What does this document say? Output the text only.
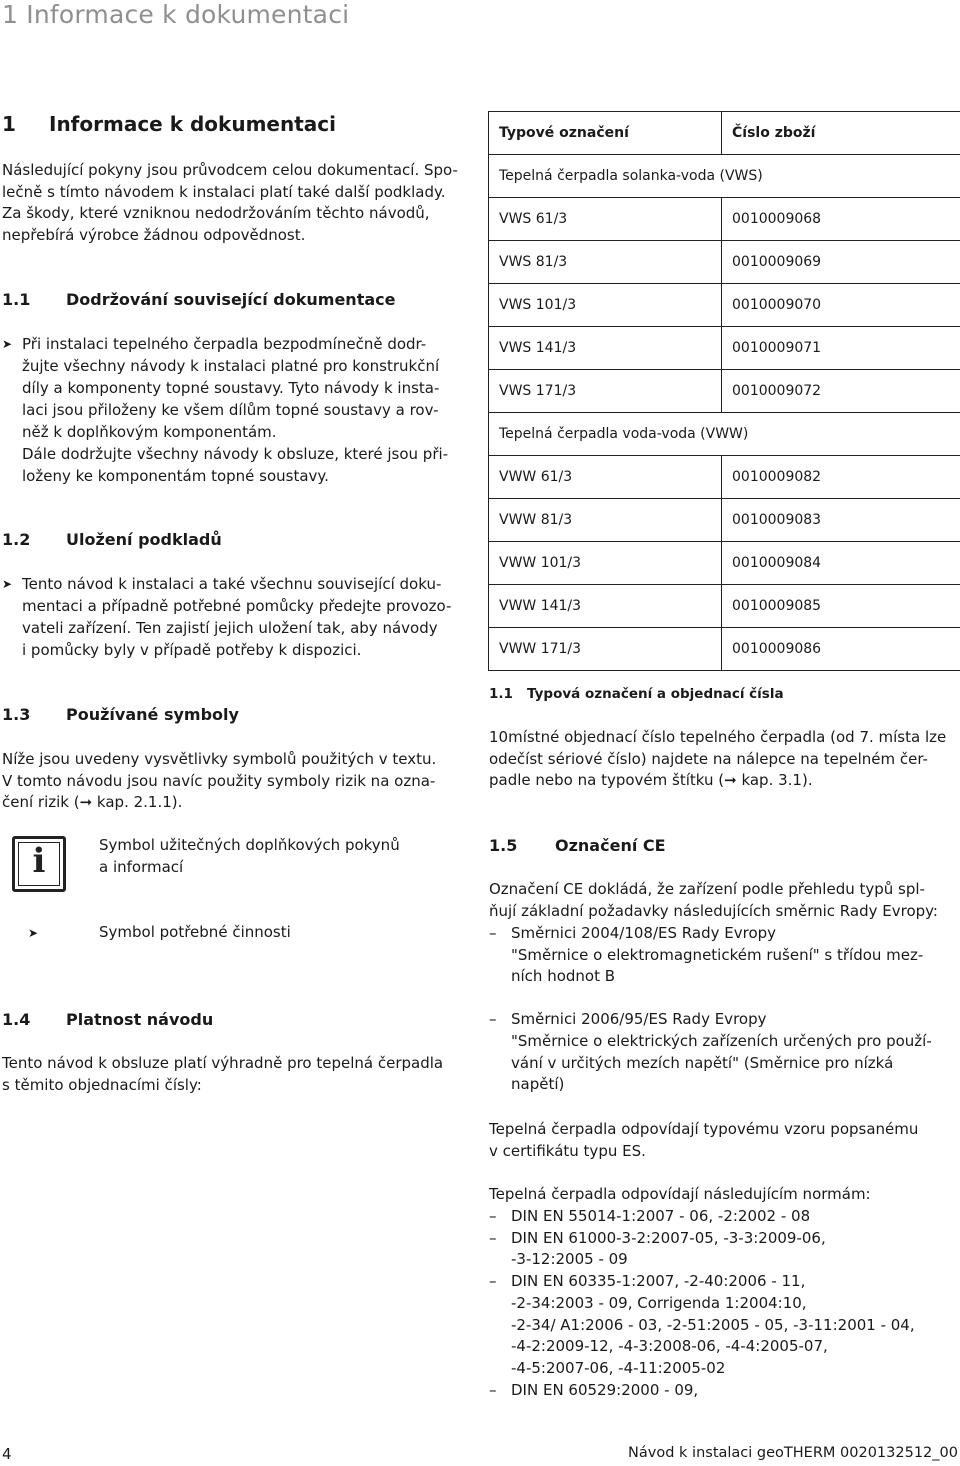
1 Informace k dokumentaci
1 Informace k dokumentaci
Následující pokyny jsou průvodcem celou dokumentací. Spo-
lečně s tímto návodem k instalaci platí také další podklady.
Za škody, které vzniknou nedodržováním těchto návodů,
nepřebírá výrobce žádnou odpovědnost.
1.1 Dodržování související dokumentace
➤ Při instalaci tepelného čerpadla bezpodmínečně dodr-
žujte všechny návody k instalaci platné pro konstrukční
díly a komponenty topné soustavy. Tyto návody k insta-
laci jsou přiloženy ke všem dílům topné soustavy a rov-
něž k doplňkovým komponentám.
Dále dodržujte všechny návody k obsluze, které jsou při-
loženy ke komponentám topné soustavy.
1.2 Uložení podkladů
➤ Tento návod k instalaci a také všechnu související doku-
mentaci a případně potřebné pomůcky předejte provozo-
vateli zařízení. Ten zajistí jejich uložení tak, aby návody
i pomůcky byly v případě potřeby k dispozici.
1.3 Používané symboly
Níže jsou uvedeny vysvětlivky symbolů použitých v textu.
V tomto návodu jsou navíc použity symboly rizik na ozna-
čení rizik (➞ kap. 2.1.1).
i	Symbol užitečných doplňkových pokynů
a informací
➤	Symbol potřebné činnosti
1.4 Platnost návodu
Tento návod k obsluze platí výhradně pro tepelná čerpadla
s těmito objednacími čísly:
Typové označení	Číslo zboží
Tepelná čerpadla solanka-voda (VWS)	
VWS 61/3	0010009068
VWS 81/3	0010009069
VWS 101/3	0010009070
VWS 141/3	0010009071
VWS 171/3	0010009072
Tepelná čerpadla voda-voda (VWW)	
VWW 61/3	0010009082
VWW 81/3	0010009083
VWW 101/3	0010009084
VWW 141/3	0010009085
VWW 171/3	0010009086
1.1   Typová označení a objednací čísla
10místné objednací číslo tepelného čerpadla (od 7. místa lze
odečíst sériové číslo) najdete na nálepce na tepelném čer-
padle nebo na typovém štítku (➞ kap. 3.1).
1.5 Označení CE
Označení CE dokládá, že zařízení podle přehledu typů spl-
ňují základní požadavky následujících směrnic Rady Evropy:
– Směrnici 2004/108/ES Rady Evropy
"Směrnice o elektromagnetickém rušení" s třídou mez-
ních hodnot B
– Směrnici 2006/95/ES Rady Evropy
"Směrnice o elektrických zařízeních určených pro použí-
vání v určitých mezích napětí" (Směrnice pro nízká
napětí)
Tepelná čerpadla odpovídají typovému vzoru popsanému
v certifikátu typu ES.
Tepelná čerpadla odpovídají následujícím normám:
– DIN EN 55014-1:2007 - 06, -2:2002 - 08
– DIN EN 61000-3-2:2007-05, -3-3:2009-06,
-3-12:2005 - 09
– DIN EN 60335-1:2007, -2-40:2006 - 11,
-2-34:2003 - 09, Corrigenda 1:2004:10,
-2-34/ A1:2006 - 03, -2-51:2005 - 05, -3-11:2001 - 04,
-4-2:2009-12, -4-3:2008-06, -4-4:2005-07,
-4-5:2007-06, -4-11:2005-02
– DIN EN 60529:2000 - 09,
4	Návod k instalaci geoTHERM 0020132512_00
